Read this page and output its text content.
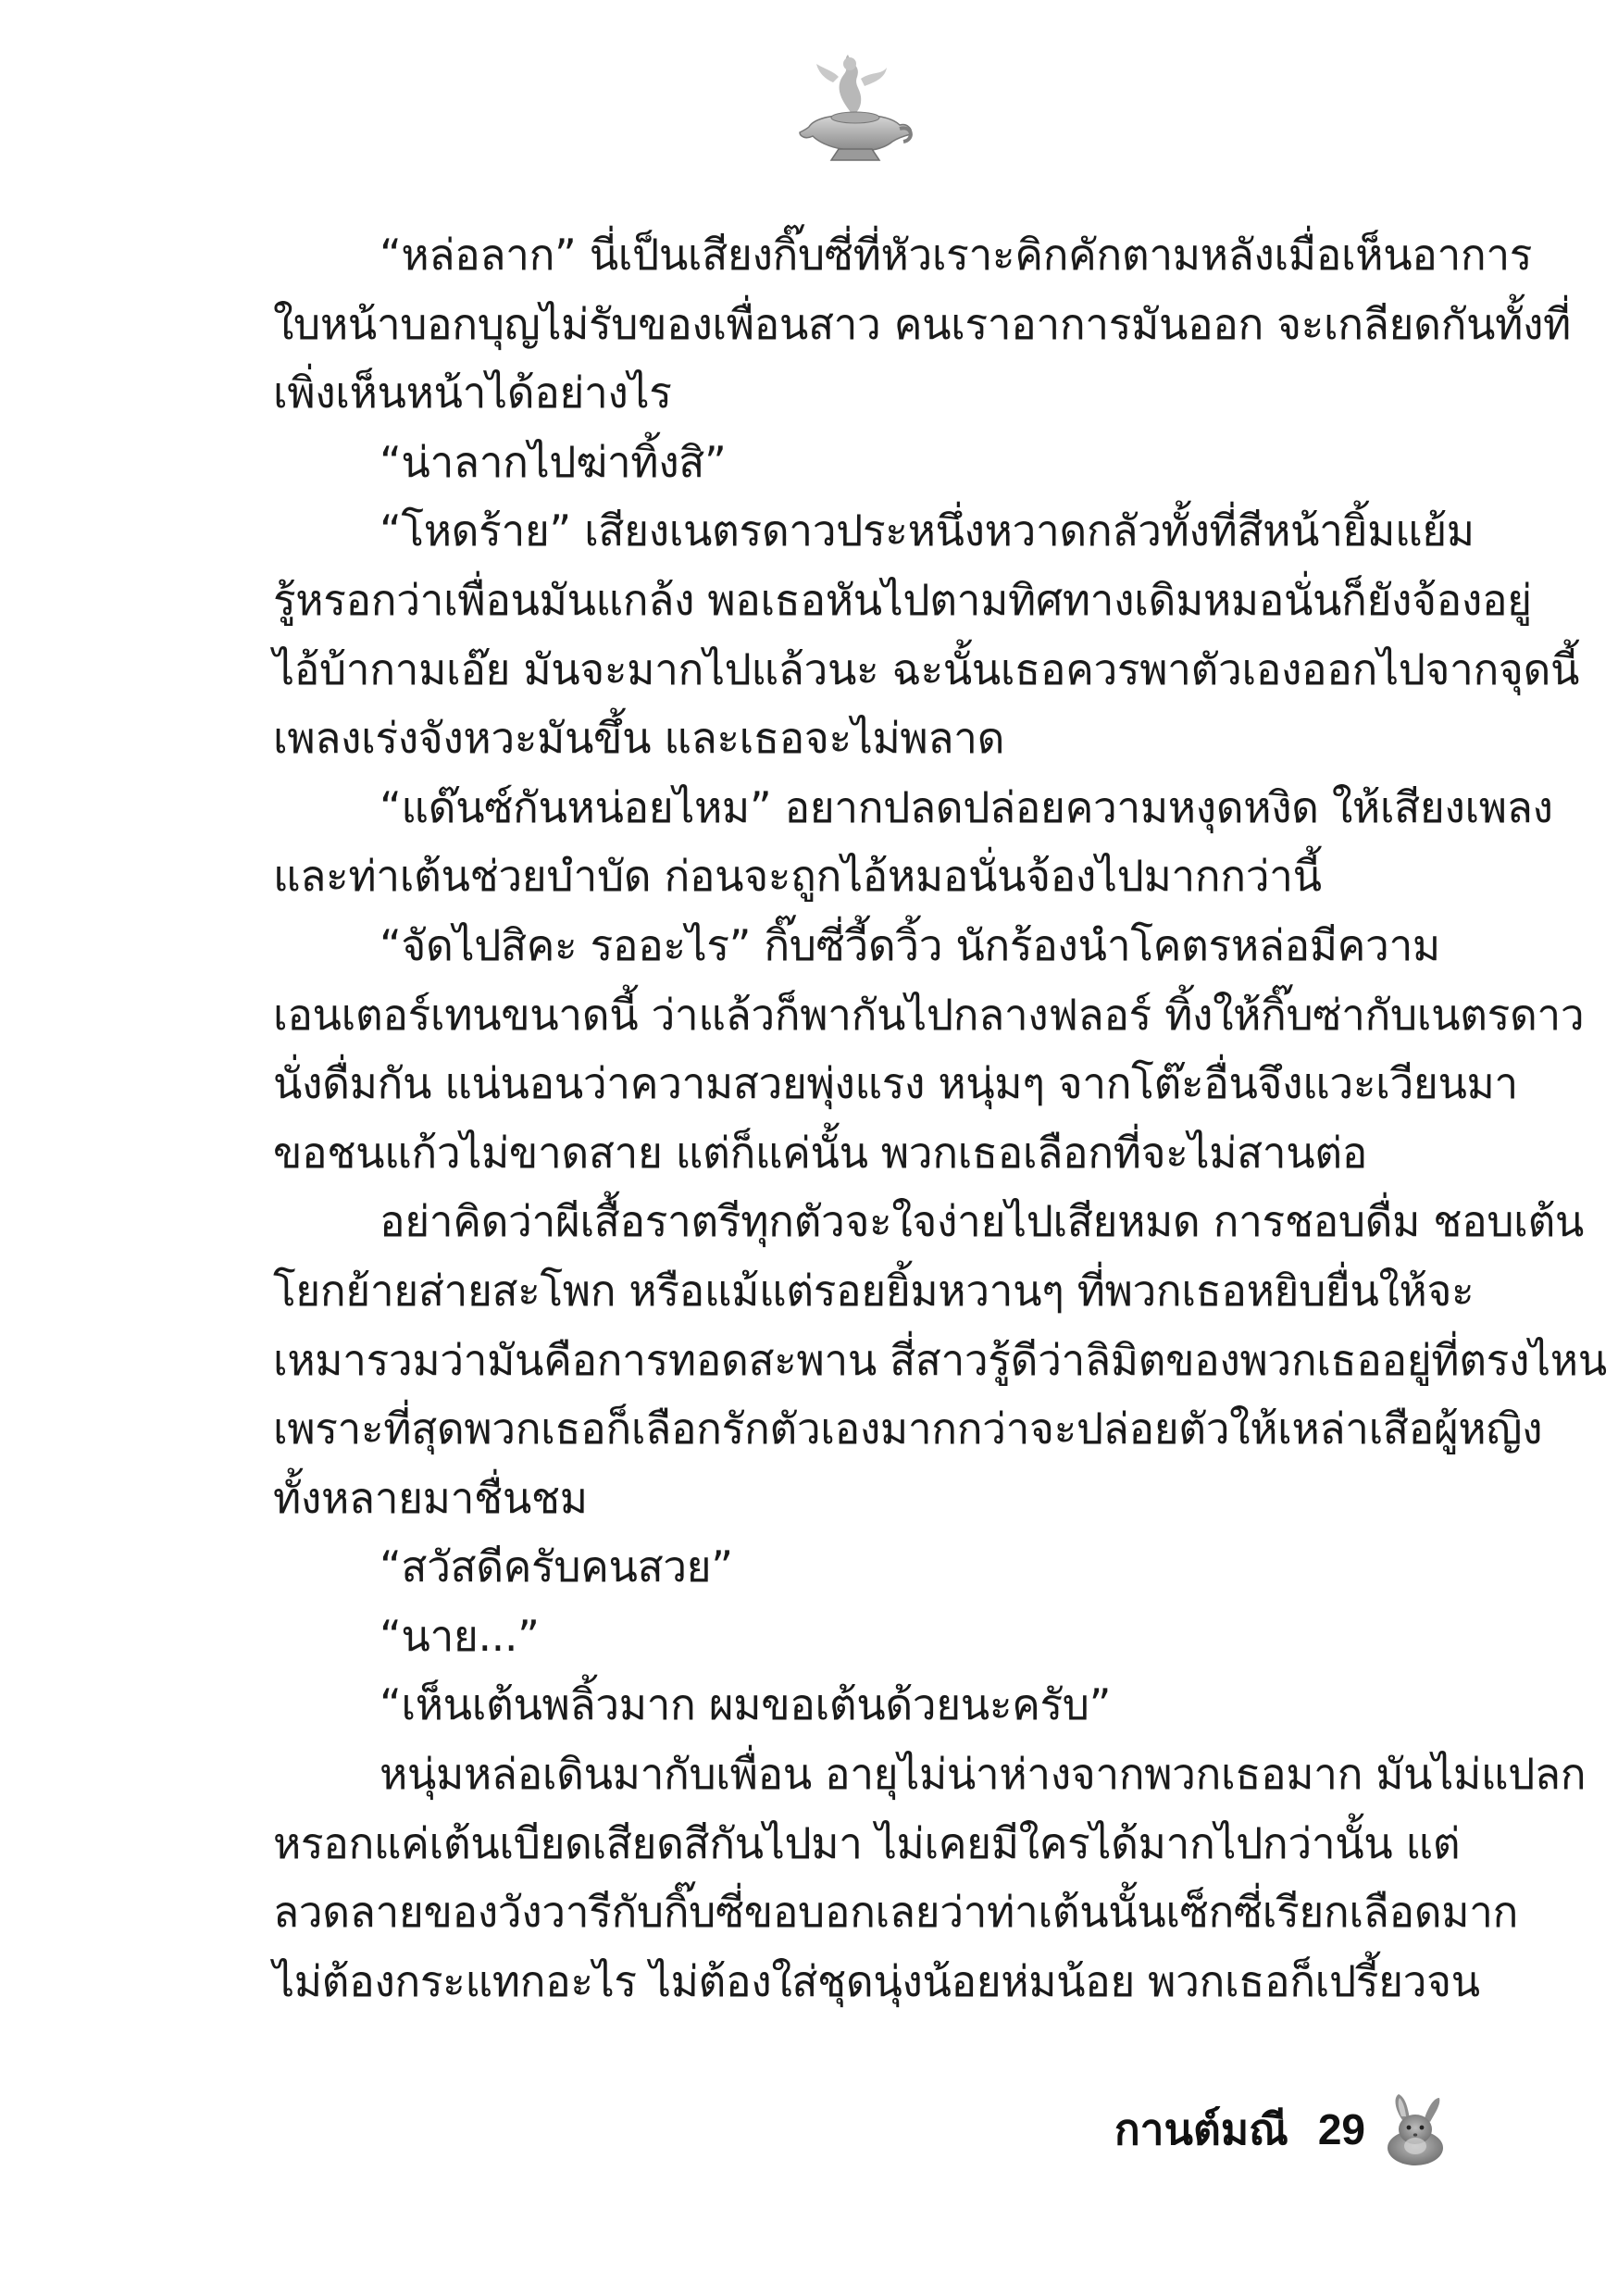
“หล่อลาก” นี่เป็นเสียงกิ๊บซี่ที่หัวเราะคิกคักตามหลังเมื่อเห็นอาการ
ใบหน้าบอกบุญไม่รับของเพื่อนสาว คนเราอาการมันออก จะเกลียดกันทั้งที่
เพิ่งเห็นหน้าได้อย่างไร
“น่าลากไปฆ่าทิ้งสิ”
“โหดร้าย” เสียงเนตรดาวประหนึ่งหวาดกลัวทั้งที่สีหน้ายิ้มแย้ม
รู้หรอกว่าเพื่อนมันแกล้ง พอเธอหันไปตามทิศทางเดิมหมอนั่นก็ยังจ้องอยู่
ไอ้บ้ากามเอ๊ย มันจะมากไปแล้วนะ ฉะนั้นเธอควรพาตัวเองออกไปจากจุดนี้
เพลงเร่งจังหวะมันขึ้น และเธอจะไม่พลาด
“แด๊นซ์กันหน่อยไหม” อยากปลดปล่อยความหงุดหงิด ให้เสียงเพลง
และท่าเต้นช่วยบำบัด ก่อนจะถูกไอ้หมอนั่นจ้องไปมากกว่านี้
“จัดไปสิคะ รออะไร” กิ๊บซี่วี้ดวิ้ว นักร้องนำโคตรหล่อมีความ
เอนเตอร์เทนขนาดนี้ ว่าแล้วก็พากันไปกลางฟลอร์ ทิ้งให้กิ๊บซ่ากับเนตรดาว
นั่งดื่มกัน แน่นอนว่าความสวยพุ่งแรง หนุ่มๆ จากโต๊ะอื่นจึงแวะเวียนมา
ขอชนแก้วไม่ขาดสาย แต่ก็แค่นั้น พวกเธอเลือกที่จะไม่สานต่อ
อย่าคิดว่าผีเสื้อราตรีทุกตัวจะใจง่ายไปเสียหมด การชอบดื่ม ชอบเต้น
โยกย้ายส่ายสะโพก หรือแม้แต่รอยยิ้มหวานๆ ที่พวกเธอหยิบยื่นให้จะ
เหมารวมว่ามันคือการทอดสะพาน สี่สาวรู้ดีว่าลิมิตของพวกเธออยู่ที่ตรงไหน
เพราะที่สุดพวกเธอก็เลือกรักตัวเองมากกว่าจะปล่อยตัวให้เหล่าเสือผู้หญิง
ทั้งหลายมาชื่นชม
“สวัสดีครับคนสวย”
“นาย...”
“เห็นเต้นพลิ้วมาก ผมขอเต้นด้วยนะครับ”
หนุ่มหล่อเดินมากับเพื่อน อายุไม่น่าห่างจากพวกเธอมาก มันไม่แปลก
หรอกแค่เต้นเบียดเสียดสีกันไปมา ไม่เคยมีใครได้มากไปกว่านั้น แต่
ลวดลายของวังวารีกับกิ๊บซี่ขอบอกเลยว่าท่าเต้นนั้นเซ็กซี่เรียกเลือดมาก
ไม่ต้องกระแทกอะไร ไม่ต้องใส่ชุดนุ่งน้อยห่มน้อย พวกเธอก็เปรี้ยวจน
กานต์มณี 29
